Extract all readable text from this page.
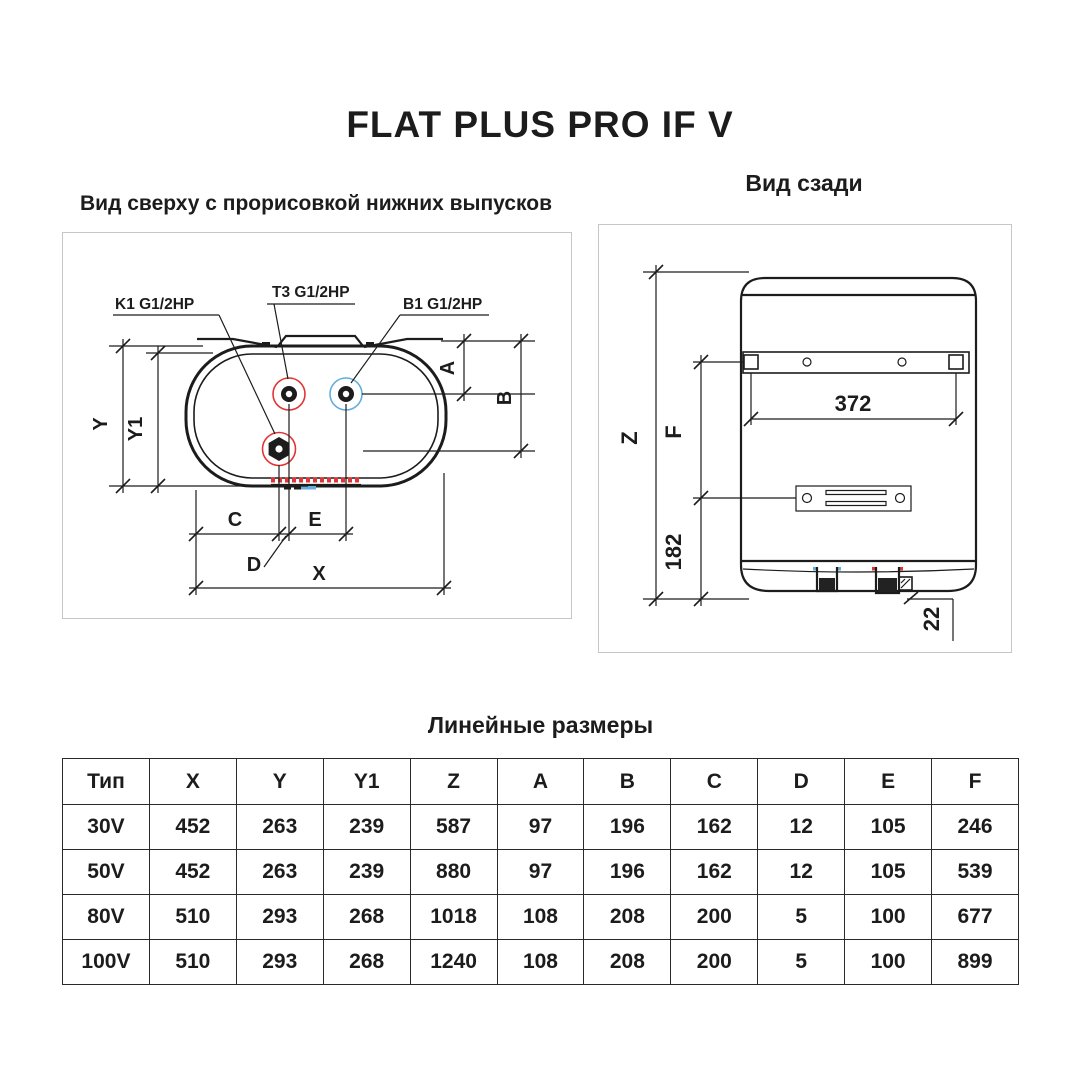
FLAT PLUS PRO IF V
Вид сверху с прорисовкой нижних выпусков
Вид сзади
K1 G1/2HP
T3 G1/2HP
B1 G1/2HP
Y Y1
A
B
C	E
D	X
372
Z F
182
22
Линейные размеры
Тип	X	Y	Y1	Z	A	B	C	D	E	F
30V	452	263	239	587	97	196	162	12	105	246
50V	452	263	239	880	97	196	162	12	105	539
80V	510	293	268	1018	108	208	200	5	100	677
100V	510	293	268	1240	108	208	200	5	100	899
